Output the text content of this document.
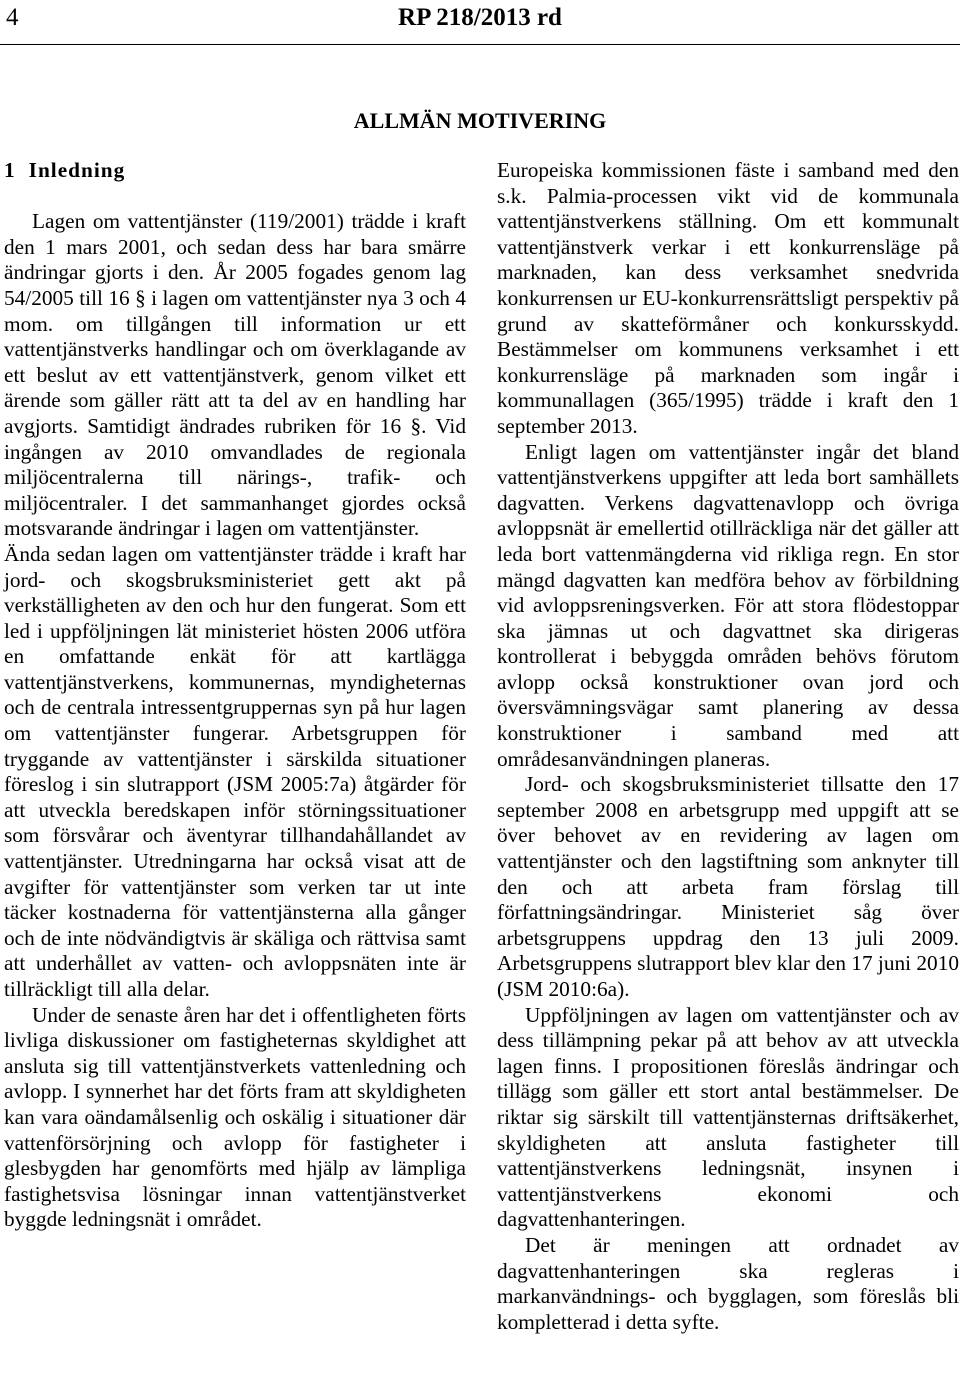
4	RP 218/2013 rd
ALLMÄN MOTIVERING
1 Inledning

Lagen om vattentjänster (119/2001) trädde i kraft den 1 mars 2001, och sedan dess har bara smärre ändringar gjorts i den. År 2005 fogades genom lag 54/2005 till 16 § i lagen om vattentjänster nya 3 och 4 mom. om tillgången till information ur ett vattentjänstverks handlingar och om överklagande av ett beslut av ett vattentjänstverk, genom vilket ett ärende som gäller rätt att ta del av en handling har avgjorts. Samtidigt ändrades rubriken för 16 §. Vid ingången av 2010 omvandlades de regionala miljöcentralerna till närings-, trafik- och miljöcentraler. I det sammanhanget gjordes också motsvarande ändringar i lagen om vattentjänster.

Ända sedan lagen om vattentjänster trädde i kraft har jord- och skogsbruksministeriet gett akt på verkställigheten av den och hur den fungerat. Som ett led i uppföljningen lät ministeriet hösten 2006 utföra en omfattande enkät för att kartlägga vattentjänstverkens, kommunernas, myndigheternas och de centrala intressentgruppernas syn på hur lagen om vattentjänster fungerar. Arbetsgruppen för tryggande av vattentjänster i särskilda situationer föreslog i sin slutrapport (JSM 2005:7a) åtgärder för att utveckla beredskapen inför störningssituationer som försvårar och äventyrar tillhandahållandet av vattentjänster. Utredningarna har också visat att de avgifter för vattentjänster som verken tar ut inte täcker kostnaderna för vattentjänsterna alla gånger och de inte nödvändigtvis är skäliga och rättvisa samt att underhållet av vatten- och avloppsnäten inte är tillräckligt till alla delar.

Under de senaste åren har det i offentligheten förts livliga diskussioner om fastigheternas skyldighet att ansluta sig till vattentjänstverkets vattenledning och avlopp. I synnerhet har det förts fram att skyldigheten kan vara oändamålsenlig och oskälig i situationer där vattenförsörjning och avlopp för fastigheter i glesbygden har genomförts med hjälp av lämpliga fastighetsvisa lösningar innan vattentjänstverket byggde ledningsnät i området.

Europeiska kommissionen fäste i samband med den s.k. Palmia-processen vikt vid de kommunala vattentjänstverkens ställning. Om ett kommunalt vattentjänstverk verkar i ett konkurrensläge på marknaden, kan dess verksamhet snedvrida konkurrensen ur EU-konkurrensrättsligt perspektiv på grund av skatteförmåner och konkursskydd. Bestämmelser om kommunens verksamhet i ett konkurrensläge på marknaden som ingår i kommunallagen (365/1995) trädde i kraft den 1 september 2013.

Enligt lagen om vattentjänster ingår det bland vattentjänstverkens uppgifter att leda bort samhällets dagvatten. Verkens dagvattenavlopp och övriga avloppsnät är emellertid otillräckliga när det gäller att leda bort vattenmängderna vid rikliga regn. En stor mängd dagvatten kan medföra behov av förbildning vid avloppsreningsverken. För att stora flödestoppar ska jämnas ut och dagvattnet ska dirigeras kontrollerat i bebyggda områden behövs förutom avlopp också konstruktioner ovan jord och översvämningsvägar samt planering av dessa konstruktioner i samband med att områdesanvändningen planeras.

Jord- och skogsbruksministeriet tillsatte den 17 september 2008 en arbetsgrupp med uppgift att se över behovet av en revidering av lagen om vattentjänster och den lagstiftning som anknyter till den och att arbeta fram förslag till författningsändringar. Ministeriet såg över arbetsgruppens uppdrag den 13 juli 2009. Arbetsgruppens slutrapport blev klar den 17 juni 2010 (JSM 2010:6a).

Uppföljningen av lagen om vattentjänster och av dess tillämpning pekar på att behov av att utveckla lagen finns. I propositionen föreslås ändringar och tillägg som gäller ett stort antal bestämmelser. De riktar sig särskilt till vattentjänsternas driftsäkerhet, skyldigheten att ansluta fastigheter till vattentjänstverkens ledningsnät, insynen i vattentjänstverkens ekonomi och dagvattenhanteringen.

Det är meningen att ordnadet av dagvattenhanteringen ska regleras i markanvändnings- och bygglagen, som föreslås bli kompletterad i detta syfte.
